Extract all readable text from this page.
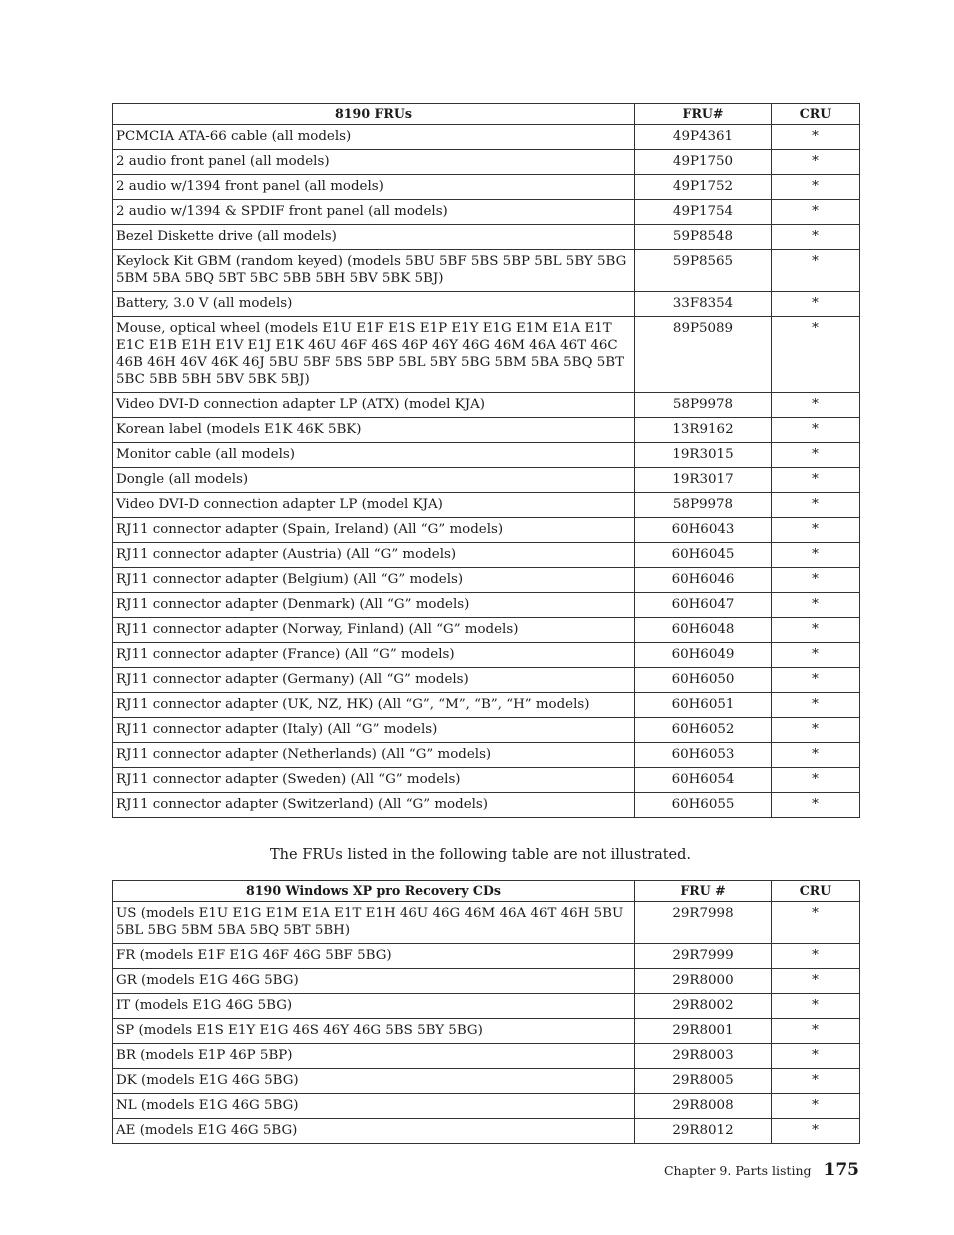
8190 FRUs	FRU#	CRU
PCMCIA ATA-66 cable (all models)	49P4361	*
2 audio front panel (all models)	49P1750	*
2 audio w/1394 front panel (all models)	49P1752	*
2 audio w/1394 & SPDIF front panel (all models)	49P1754	*
Bezel Diskette drive (all models)	59P8548	*
Keylock Kit GBM (random keyed) (models 5BU 5BF 5BS 5BP 5BL 5BY 5BG 5BM 5BA 5BQ 5BT 5BC 5BB 5BH 5BV 5BK 5BJ)	59P8565	*
Battery, 3.0 V (all models)	33F8354	*
Mouse, optical wheel (models E1U E1F E1S E1P E1Y E1G E1M E1A E1T E1C E1B E1H E1V E1J E1K 46U 46F 46S 46P 46Y 46G 46M 46A 46T 46C 46B 46H 46V 46K 46J 5BU 5BF 5BS 5BP 5BL 5BY 5BG 5BM 5BA 5BQ 5BT 5BC 5BB 5BH 5BV 5BK 5BJ)	89P5089	*
Video DVI-D connection adapter LP (ATX) (model KJA)	58P9978	*
Korean label (models E1K 46K 5BK)	13R9162	*
Monitor cable (all models)	19R3015	*
Dongle (all models)	19R3017	*
Video DVI-D connection adapter LP (model KJA)	58P9978	*
RJ11 connector adapter (Spain, Ireland) (All “G” models)	60H6043	*
RJ11 connector adapter (Austria) (All “G” models)	60H6045	*
RJ11 connector adapter (Belgium) (All “G” models)	60H6046	*
RJ11 connector adapter (Denmark) (All “G” models)	60H6047	*
RJ11 connector adapter (Norway, Finland) (All “G” models)	60H6048	*
RJ11 connector adapter (France) (All “G” models)	60H6049	*
RJ11 connector adapter (Germany) (All “G” models)	60H6050	*
RJ11 connector adapter (UK, NZ, HK) (All “G”, “M”, “B”, “H” models)	60H6051	*
RJ11 connector adapter (Italy) (All “G” models)	60H6052	*
RJ11 connector adapter (Netherlands) (All “G” models)	60H6053	*
RJ11 connector adapter (Sweden) (All “G” models)	60H6054	*
RJ11 connector adapter (Switzerland) (All “G” models)	60H6055	*
The FRUs listed in the following table are not illustrated.
8190 Windows XP pro Recovery CDs	FRU #	CRU
US (models E1U E1G E1M E1A E1T E1H 46U 46G 46M 46A 46T 46H 5BU 5BL 5BG 5BM 5BA 5BQ 5BT 5BH)	29R7998	*
FR (models E1F E1G 46F 46G 5BF 5BG)	29R7999	*
GR (models E1G 46G 5BG)	29R8000	*
IT (models E1G 46G 5BG)	29R8002	*
SP (models E1S E1Y E1G 46S 46Y 46G 5BS 5BY 5BG)	29R8001	*
BR (models E1P 46P 5BP)	29R8003	*
DK (models E1G 46G 5BG)	29R8005	*
NL (models E1G 46G 5BG)	29R8008	*
AE (models E1G 46G 5BG)	29R8012	*
Chapter 9. Parts listing 175
